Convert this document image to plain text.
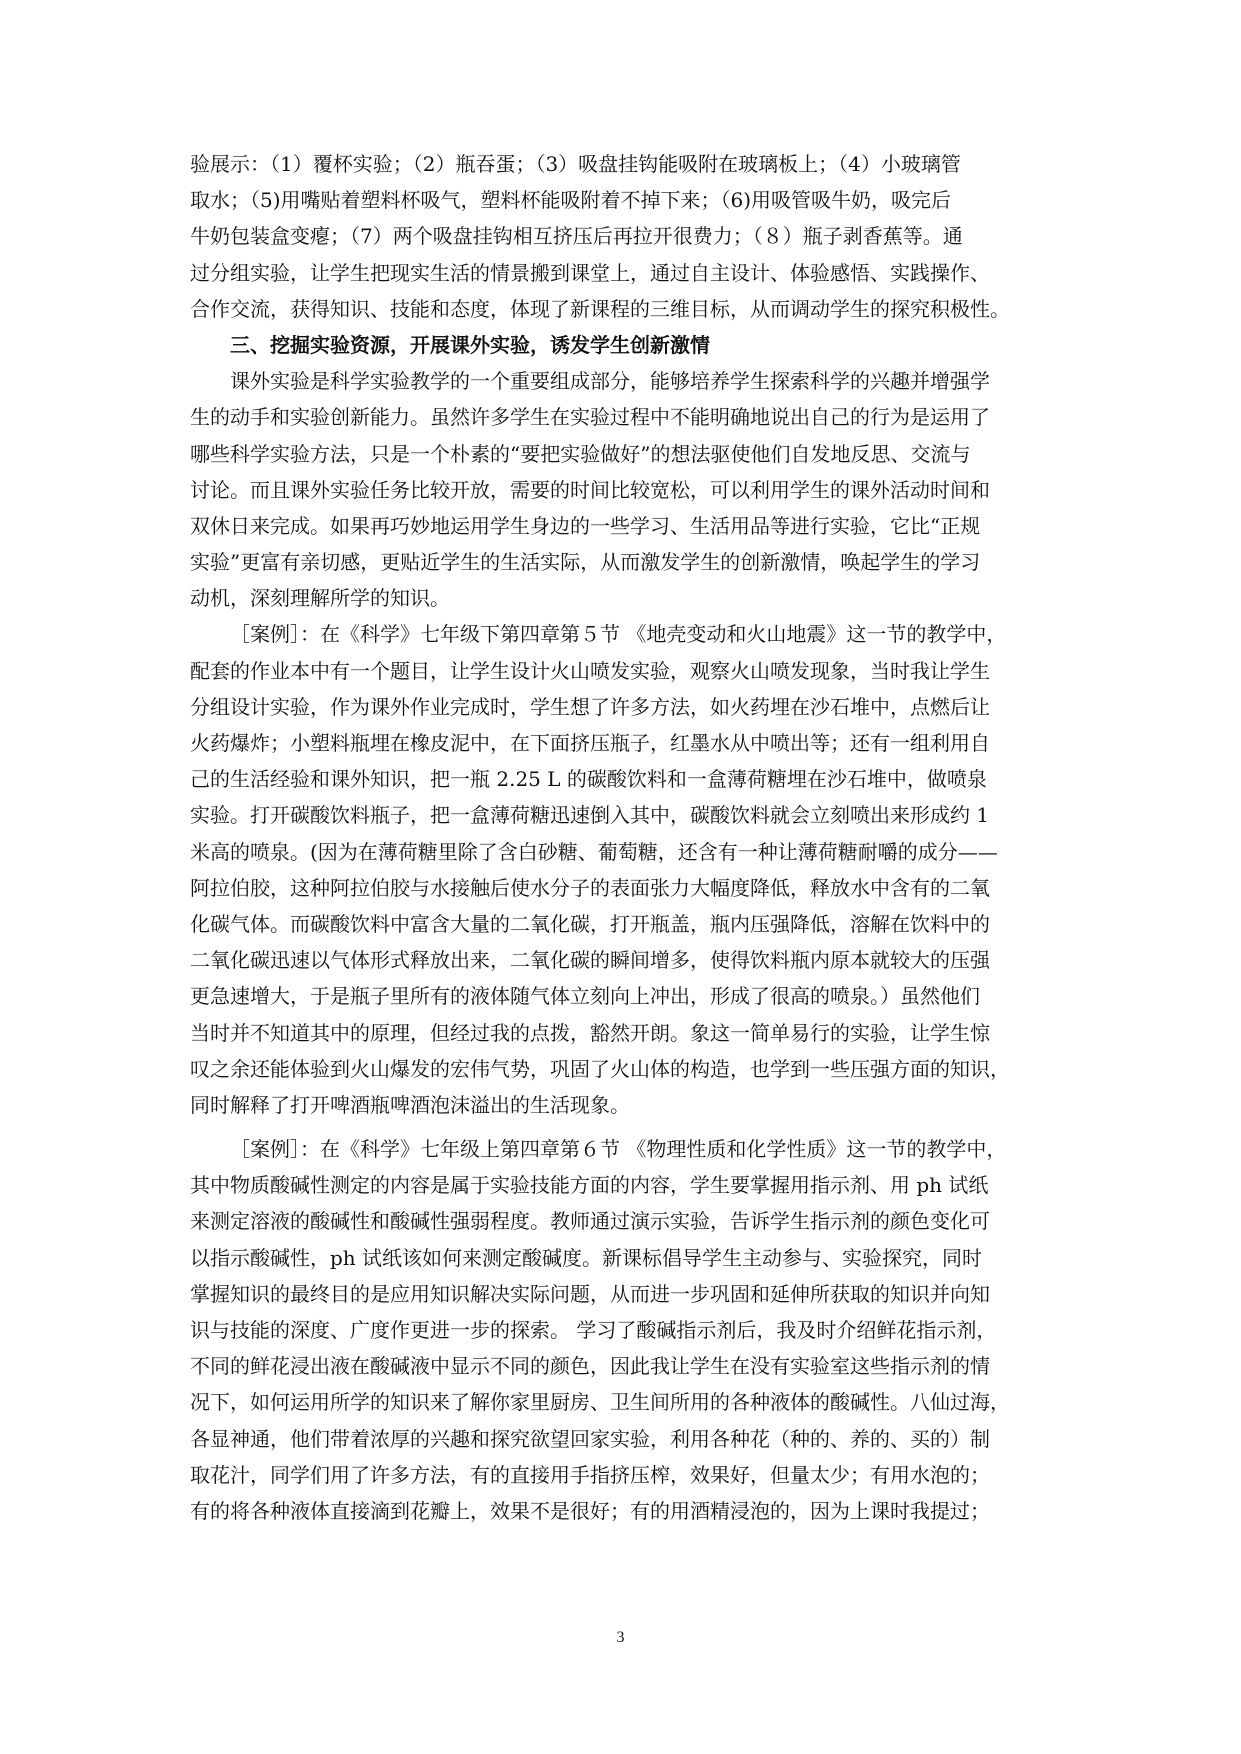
验展示：（1）覆杯实验；（2）瓶吞蛋；（3）吸盘挂钩能吸附在玻璃板上；（4）小玻璃管
取水；（5)用嘴贴着塑料杯吸气，塑料杯能吸附着不掉下来；（6)用吸管吸牛奶，吸完后
牛奶包装盒变瘪；（7）两个吸盘挂钩相互挤压后再拉开很费力；（８）瓶子剥香蕉等。通
过分组实验，让学生把现实生活的情景搬到课堂上，通过自主设计、体验感悟、实践操作、
合作交流，获得知识、技能和态度，体现了新课程的三维目标，从而调动学生的探究积极性。
三、挖掘实验资源，开展课外实验，诱发学生创新激情
课外实验是科学实验教学的一个重要组成部分，能够培养学生探索科学的兴趣并增强学
生的动手和实验创新能力。虽然许多学生在实验过程中不能明确地说出自己的行为是运用了
哪些科学实验方法，只是一个朴素的“要把实验做好”的想法驱使他们自发地反思、交流与
讨论。而且课外实验任务比较开放，需要的时间比较宽松，可以利用学生的课外活动时间和
双休日来完成。如果再巧妙地运用学生身边的一些学习、生活用品等进行实验，它比“正规
实验”更富有亲切感，更贴近学生的生活实际，从而激发学生的创新激情，唤起学生的学习
动机，深刻理解所学的知识。
［案例］：在《科学》七年级下第四章第５节 《地壳变动和火山地震》这一节的教学中，
配套的作业本中有一个题目，让学生设计火山喷发实验，观察火山喷发现象，当时我让学生
分组设计实验，作为课外作业完成时，学生想了许多方法，如火药埋在沙石堆中，点燃后让
火药爆炸；小塑料瓶埋在橡皮泥中，在下面挤压瓶子，红墨水从中喷出等；还有一组利用自
己的生活经验和课外知识，把一瓶 2.25 L 的碳酸饮料和一盒薄荷糖埋在沙石堆中，做喷泉
实验。打开碳酸饮料瓶子，把一盒薄荷糖迅速倒入其中，碳酸饮料就会立刻喷出来形成约 1
米高的喷泉。(因为在薄荷糖里除了含白砂糖、葡萄糖，还含有一种让薄荷糖耐嚼的成分——
阿拉伯胶，这种阿拉伯胶与水接触后使水分子的表面张力大幅度降低，释放水中含有的二氧
化碳气体。而碳酸饮料中富含大量的二氧化碳，打开瓶盖，瓶内压强降低，溶解在饮料中的
二氧化碳迅速以气体形式释放出来，二氧化碳的瞬间增多，使得饮料瓶内原本就较大的压强
更急速增大，于是瓶子里所有的液体随气体立刻向上冲出，形成了很高的喷泉。）虽然他们
当时并不知道其中的原理，但经过我的点拨，豁然开朗。象这一简单易行的实验，让学生惊
叹之余还能体验到火山爆发的宏伟气势，巩固了火山体的构造，也学到一些压强方面的知识，
同时解释了打开啤酒瓶啤酒泡沫溢出的生活现象。
［案例］：在《科学》七年级上第四章第６节 《物理性质和化学性质》这一节的教学中，
其中物质酸碱性测定的内容是属于实验技能方面的内容，学生要掌握用指示剂、用 ph 试纸
来测定溶液的酸碱性和酸碱性强弱程度。教师通过演示实验，告诉学生指示剂的颜色变化可
以指示酸碱性，ph 试纸该如何来测定酸碱度。新课标倡导学生主动参与、实验探究，同时
掌握知识的最终目的是应用知识解决实际问题，从而进一步巩固和延伸所获取的知识并向知
识与技能的深度、广度作更进一步的探索。 学习了酸碱指示剂后，我及时介绍鲜花指示剂，
不同的鲜花浸出液在酸碱液中显示不同的颜色，因此我让学生在没有实验室这些指示剂的情
况下，如何运用所学的知识来了解你家里厨房、卫生间所用的各种液体的酸碱性。八仙过海，
各显神通，他们带着浓厚的兴趣和探究欲望回家实验，利用各种花（种的、养的、买的）制
取花汁，同学们用了许多方法，有的直接用手指挤压榨，效果好，但量太少；有用水泡的；
有的将各种液体直接滴到花瓣上，效果不是很好；有的用酒精浸泡的，因为上课时我提过；
3
